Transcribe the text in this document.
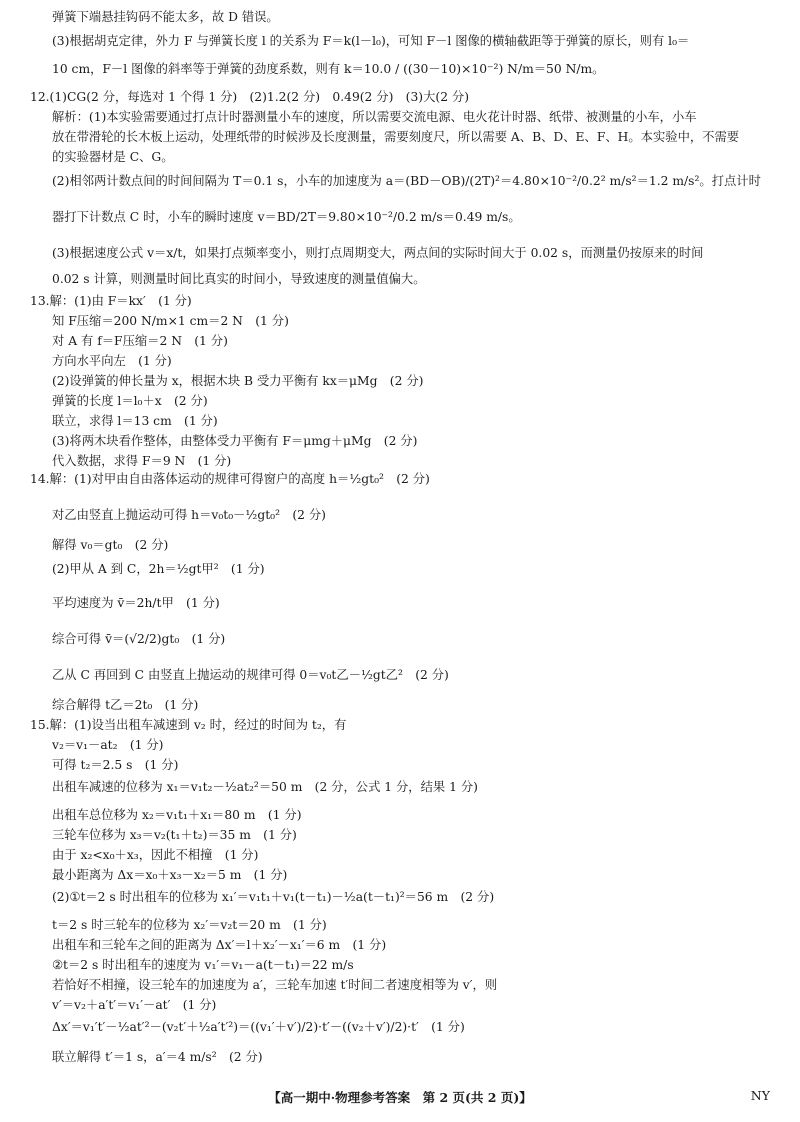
弹簧下端悬挂钩码不能太多，故 D 错误。
(3)根据胡克定律，外力 F 与弹簧长度 l 的关系为 F＝k(l－l₀)，可知 F－l 图像的横轴截距等于弹簧的原长，则有 l₀＝
10 cm，F－l 图像的斜率等于弹簧的劲度系数，则有 k＝10.0 / ((30－10)×10⁻²) N/m＝50 N/m。
12.(1)CG(2 分，每选对 1 个得 1 分)　(2)1.2(2 分)　0.49(2 分)　(3)大(2 分)
解析：(1)本实验需要通过打点计时器测量小车的速度，所以需要交流电源、电火花计时器、纸带、被测量的小车，小车
放在带滑轮的长木板上运动，处理纸带的时候涉及长度测量，需要刻度尺，所以需要 A、B、D、E、F、H。本实验中，不需要
的实验器材是 C、G。
(2)相邻两计数点间的时间间隔为 T＝0.1 s，小车的加速度为 a＝(BD－OB)/(2T)²＝4.80×10⁻²/0.2² m/s²＝1.2 m/s²。打点计时
器打下计数点 C 时，小车的瞬时速度 v＝BD/2T＝9.80×10⁻²/0.2 m/s＝0.49 m/s。
(3)根据速度公式 v＝x/t，如果打点频率变小，则打点周期变大，两点间的实际时间大于 0.02 s，而测量仍按原来的时间
0.02 s 计算，则测量时间比真实的时间小，导致速度的测量值偏大。
13.解：(1)由 F＝kx′　(1 分)
知 F压缩＝200 N/m×1 cm＝2 N　(1 分)
对 A 有 f＝F压缩＝2 N　(1 分)
方向水平向左　(1 分)
(2)设弹簧的伸长量为 x，根据木块 B 受力平衡有 kx＝μMg　(2 分)
弹簧的长度 l＝l₀＋x　(2 分)
联立，求得 l＝13 cm　(1 分)
(3)将两木块看作整体，由整体受力平衡有 F＝μmg＋μMg　(2 分)
代入数据，求得 F＝9 N　(1 分)
14.解：(1)对甲由自由落体运动的规律可得窗户的高度 h＝½gt₀²　(2 分)
对乙由竖直上抛运动可得 h＝v₀t₀－½gt₀²　(2 分)
解得 v₀＝gt₀　(2 分)
(2)甲从 A 到 C，2h＝½gt甲²　(1 分)
平均速度为 v̄＝2h/t甲　(1 分)
综合可得 v̄＝(√2/2)gt₀　(1 分)
乙从 C 再回到 C 由竖直上抛运动的规律可得 0＝v₀t乙－½gt乙²　(2 分)
综合解得 t乙＝2t₀　(1 分)
15.解：(1)设当出租车减速到 v₂ 时，经过的时间为 t₂，有
v₂＝v₁－at₂　(1 分)
可得 t₂＝2.5 s　(1 分)
出租车减速的位移为 x₁＝v₁t₂－½at₂²＝50 m　(2 分，公式 1 分，结果 1 分)
出租车总位移为 x₂＝v₁t₁＋x₁＝80 m　(1 分)
三轮车位移为 x₃＝v₂(t₁＋t₂)＝35 m　(1 分)
由于 x₂<x₀＋x₃，因此不相撞　(1 分)
最小距离为 Δx＝x₀＋x₃－x₂＝5 m　(1 分)
(2)①t＝2 s 时出租车的位移为 x₁′＝v₁t₁＋v₁(t－t₁)－½a(t－t₁)²＝56 m　(2 分)
t＝2 s 时三轮车的位移为 x₂′＝v₂t＝20 m　(1 分)
出租车和三轮车之间的距离为 Δx′＝l＋x₂′－x₁′＝6 m　(1 分)
②t＝2 s 时出租车的速度为 v₁′＝v₁－a(t－t₁)＝22 m/s
若恰好不相撞，设三轮车的加速度为 a′，三轮车加速 t′时间二者速度相等为 v′，则
v′＝v₂＋a′t′＝v₁′－at′　(1 分)
Δx′＝v₁′t′－½at′²－(v₂t′＋½a′t′²)＝((v₁′＋v′)/2)·t′－((v₂＋v′)/2)·t′　(1 分)
联立解得 t′＝1 s，a′＝4 m/s²　(2 分)
【高一期中·物理参考答案　第 2 页(共 2 页)】	NY
